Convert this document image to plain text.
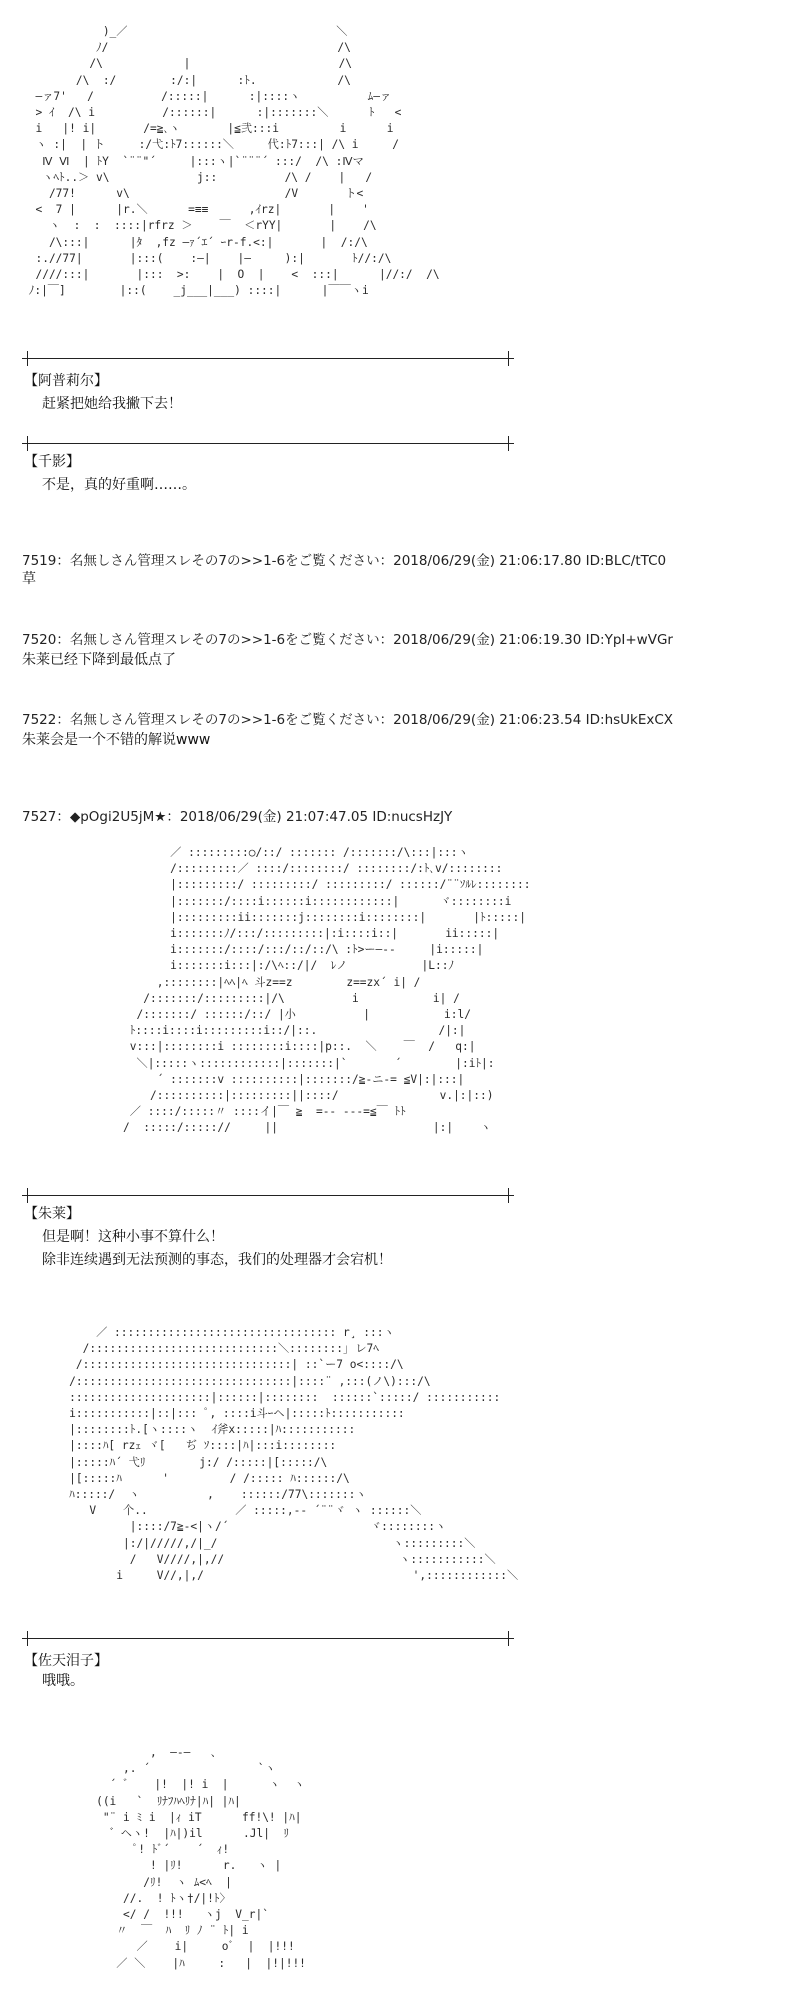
)_／                               ＼
ﾉ/                                  /\
/\            |                      /\
/\  :/        :/:|      :ﾄ.            /\
―ァ7'   /          /:::::|      :|::::ヽ          ﾑ―ァ
> ｲ  /\ i          /::::::|      :|:::::::＼      ﾄ   <
i   |! i|       /=≧､ヽ       |≦弐:::i         i      i
ヽ :|  | ト     :/弋:ﾄ7::::::＼     代:ﾄ7:::| /\ i     /
Ⅳ Ⅵ  | ﾄY  `¨¨"´     |:::ヽ|`¨¨¨´ :::/  /\ :Ⅳマ
ヽﾍﾄ..＞ v\             j::          /\ /    |   /
/77!      v\                       /V       ト<
<  7 |      |r.＼      =≡≡      ,ｲrz|       |    '
ヽ  :  :  ::::|rfrz ＞    ￣  ＜rYY|       |    /\
/\:::|      |ﾀ  ,fz ―ｧ´ｴ´ ｰr‐f.<:|       |  /:/\
:.//77|       |:::(    :―|    |―     ):|       ﾄ//:/\
////:::|       |:::  >:    |  O  |    <  :::|      |//:/  /\
ﾉ:|￣]        |::(    _j___|___) ::::|      |￣￣ヽi
【阿普莉尔】
赶紧把她给我撇下去！
【千影】
不是，真的好重啊……。
7519：名無しさん管理スレその7の>>1-6をご覧ください：2018/06/29(金) 21:06:17.80 ID:BLC/tTC0
草
7520：名無しさん管理スレその7の>>1-6をご覧ください：2018/06/29(金) 21:06:19.30 ID:YpI+wVGr
朱莱已经下降到最低点了
7522：名無しさん管理スレその7の>>1-6をご覧ください：2018/06/29(金) 21:06:23.54 ID:hsUkExCX
朱莱会是一个不错的解说www
7527：◆pOgi2U5jM★：2018/06/29(金) 21:07:47.05 ID:nucsHzJY
／ :::::::::○/::/ ::::::: /:::::::/\:::|:::ヽ
/:::::::::／ ::::/::::::::/ ::::::::/:ﾄ､v/::::::::
|:::::::::/ :::::::::/ :::::::::/ ::::::/¨¨ｿﾙﾚ::::::::
|:::::::/::::i::::::i::::::::::::|      ヾ::::::::i
|:::::::::ii:::::::j::::::::i::::::::|       |ﾄ:::::|
i:::::::ﾉ/:::/:::::::::|:i::::i::|       ii:::::|
i:::::::/::::/:::/::/::/\ :ﾄ>ー―‐-     |i:::::|
i:::::::i:::|:/\ﾍ::/|/  ﾚノ           |L::ﾉ
,::::::::|ﾍﾍ|ﾍ 斗z==z        z==zx´ i| /
/:::::::/:::::::::|/\          i           i| /
/:::::::/ ::::::/::/ |小          |           i:l/
ﾄ::::i::::i:::::::::i::/|::.                  /|:|
v:::|::::::::i ::::::::i::::|p::.  ＼    ￣  /   q:|
＼|:::::ヽ::::::::::::|:::::::|`       ´        |:iﾄ|:
´ :::::::v ::::::::::|:::::::/≧-ニ-= ≦V|:|:::|
/::::::::::|:::::::::||::::/               v.|:|::)
／ ::::/:::::〃 ::::イ|￣ ≧  =-- ---=≦￣ ﾄﾄ
/  :::::/::::://     ||                       |:|    ヽ
【朱莱】
但是啊！这种小事不算什么！
除非连续遇到无法预测的事态，我们的处理器才会宕机！
／ ::::::::::::::::::::::::::::::::: r¸ :::ヽ
/::::::::::::::::::::::::::::＼::::::::｣ レ7ﾍ
/:::::::::::::::::::::::::::::::| ::`ー7 o<::::/\
/::::::::::::::::::::::::::::::::|::::¨ ,:::(ノ\):::/\
:::::::::::::::::::::|::::::|::::::::  ::::::`:::::/ :::::::::::
i:::::::::::|::|::: ﾟ, ::::i斗ｰヘ|:::::ﾄ:::::::::::
|::::::::ﾄ.[ヽ::::ヽ  ｲ斧x:::::|ﾊ:::::::::::
|::::ﾊ[ rzｪ ヾ[   ぢ ｿ::::|ﾊ|:::i::::::::
|:::::ﾊ´ 弋ﾘ        j:/ /:::::|[:::::/\
|[:::::ﾊ      '         / /::::: ﾊ::::::/\
ﾊ:::::/  ヽ          ,    ::::::/77\:::::::ヽ
V    个..             ／ :::::,-‐ ´¨¨ヾ ヽ ::::::＼
|::::/7≧-<|ヽ/´                     ヾ::::::::ヽ
|:/|/////,/|_/                          ヽ:::::::::＼
/   V////,|,//                          ヽ:::::::::::＼
i     V//,|,/                               ',::::::::::::＼
【佐天泪子】
哦哦。
,  ―‐―   、
,. ´                `ヽ
´ ゛   |!  |! i  |      ヽ  ヽ
((i   `  ﾘﾅﾌﾊﾍﾘﾅ|ﾊ| |ﾊ|
"¨ i ﾐ i  |ｨ iT      ff!\! |ﾊ|
゛ヘヽ!  |ﾊ|)il      .Jl|  ﾘ
ﾟ! ﾄﾞ´    ´  ｨ!
! |ﾘ!      r.   ヽ |
/ﾘ!  ヽ ﾑ<ﾍ  |
//.  ! ﾄヽ†/|!ﾄ〉
</ /  !!!   ヽj  V_r|`
〃  ￣  ﾊ  ﾘ ﾉ ¨ ﾄ| i
／    i|     oﾞ  |  |!!!
／ ＼    |ﾊ     :   |  |!|!!!
